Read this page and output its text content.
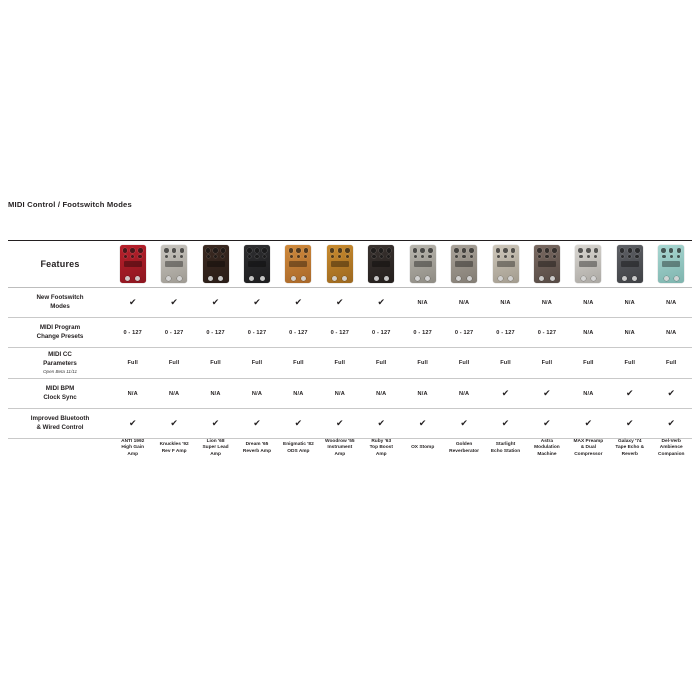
MIDI Control / Footswitch Modes
Features	

New Footswitch
Modes	✔	✔	✔	✔	✔	✔	✔	N/A	N/A	N/A	N/A	N/A	N/A	N/A
MIDI Program
Change Presets	0 - 127	0 - 127	0 - 127	0 - 127	0 - 127	0 - 127	0 - 127	0 - 127	0 - 127	0 - 127	0 - 127	N/A	N/A	N/A
MIDI CC
Parameters
Open Beta 11/11	Full	Full	Full	Full	Full	Full	Full	Full	Full	Full	Full	Full	Full	Full
MIDI BPM
Clock Sync	N/A	N/A	N/A	N/A	N/A	N/A	N/A	N/A	N/A	✔	✔	N/A	✔	✔
Improved Bluetooth
& Wired Control	✔	✔	✔	✔	✔	✔	✔	✔	✔	✔	✔	✔	✔	✔
	ANTI 1992
High Gain
Amp	Knuckles '92
Rev F Amp	Lion '68
Super Lead
Amp	Dream '65
Reverb Amp	Enigmatic '82
ODS Amp	Woodrow '55
Instrument
Amp	Ruby '63
Top Boost
Amp	OX Stomp	Golden
Reverberator	Starlight
Echo Station	Astra
Modulation
Machine	MAX Preamp
& Dual
Compressor	Galaxy '74
Tape Echo &
Reverb	Del-Verb
Ambience
Companion
